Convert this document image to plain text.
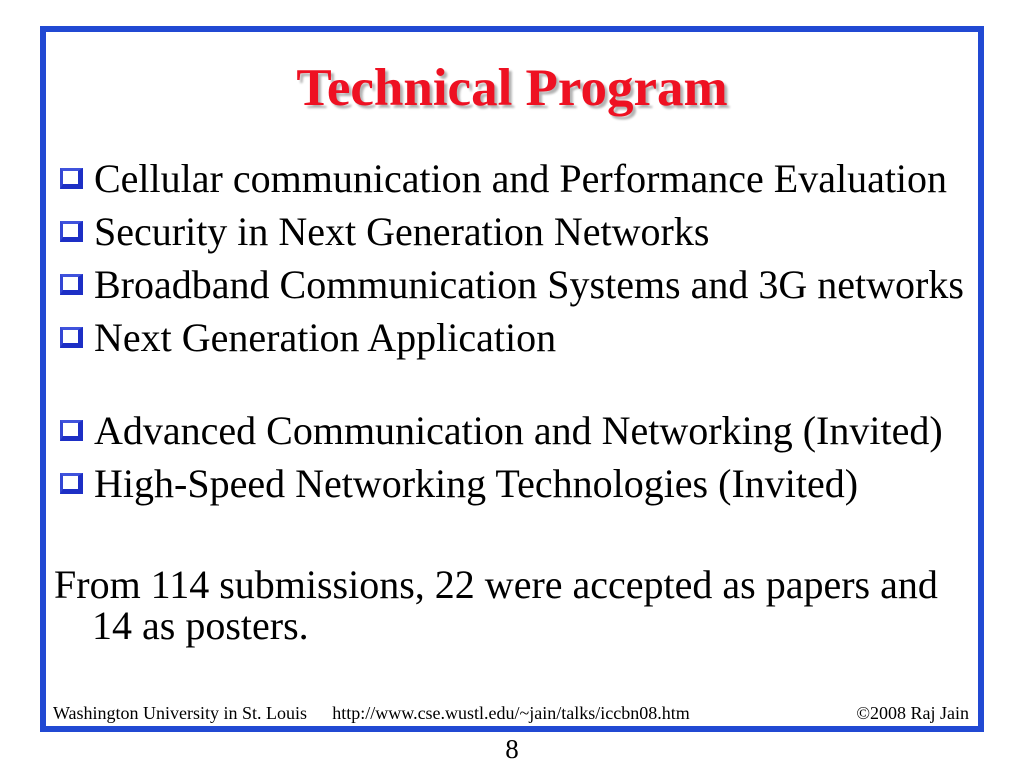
Technical Program
Cellular communication and Performance Evaluation
Security in Next Generation Networks
Broadband Communication Systems and 3G networks
Next Generation Application
Advanced Communication and Networking (Invited)
High-Speed Networking Technologies (Invited)
From 114 submissions, 22 were accepted as papers and
14 as posters.
Washington University in St. Louis	http://www.cse.wustl.edu/~jain/talks/iccbn08.htm	©2008 Raj Jain
8
